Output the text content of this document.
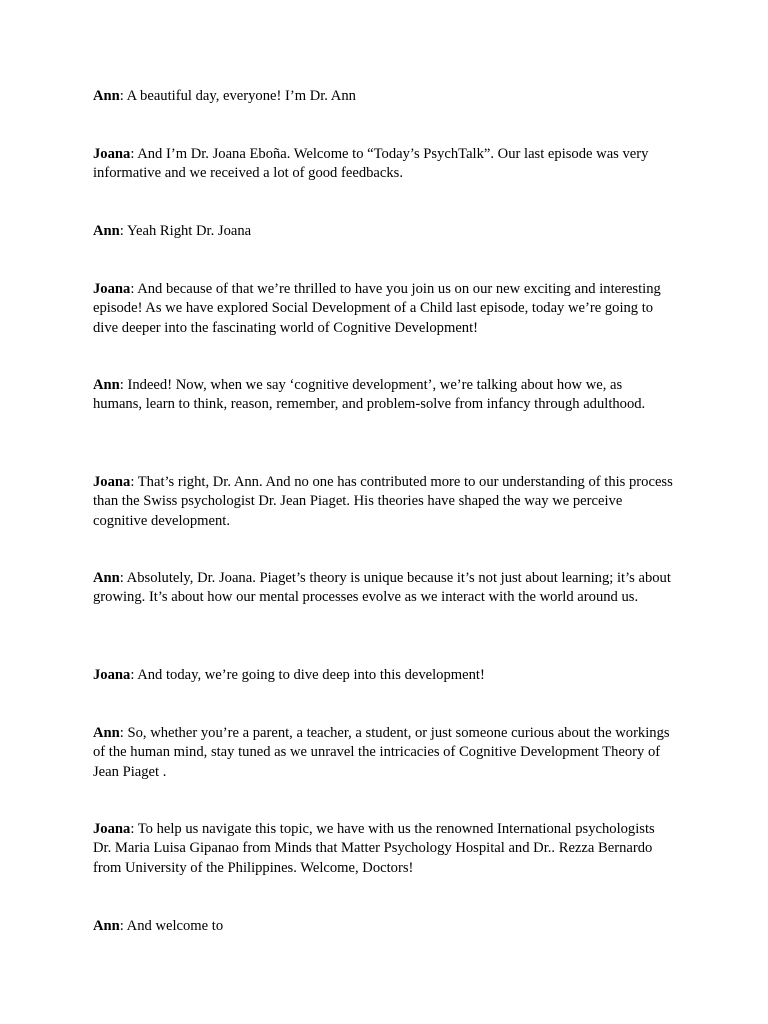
Ann: A beautiful day, everyone! I’m Dr. Ann

Joana: And I’m Dr. Joana Eboña. Welcome to “Today’s PsychTalk”. Our last episode was very informative and we received a lot of good feedbacks.

Ann: Yeah Right Dr. Joana

Joana: And because of that we’re thrilled to have you join us on our new exciting and interesting episode! As we have explored Social Development of a Child last episode, today we’re going to dive deeper into the fascinating world of Cognitive Development!

Ann: Indeed! Now, when we say ‘cognitive development’, we’re talking about how we, as humans, learn to think, reason, remember, and problem-solve from infancy through adulthood.

Joana: That’s right, Dr. Ann. And no one has contributed more to our understanding of this process than the Swiss psychologist Dr. Jean Piaget. His theories have shaped the way we perceive cognitive development.

Ann: Absolutely, Dr. Joana. Piaget’s theory is unique because it’s not just about learning; it’s about growing. It’s about how our mental processes evolve as we interact with the world around us.

Joana: And today, we’re going to dive deep into this development!

Ann: So, whether you’re a parent, a teacher, a student, or just someone curious about the workings of the human mind, stay tuned as we unravel the intricacies of Cognitive Development Theory of Jean Piaget .

Joana: To help us navigate this topic, we have with us the renowned International psychologists Dr. Maria Luisa Gipanao from Minds that Matter Psychology Hospital and Dr.. Rezza Bernardo from University of the Philippines. Welcome, Doctors!

Ann: And welcome to
